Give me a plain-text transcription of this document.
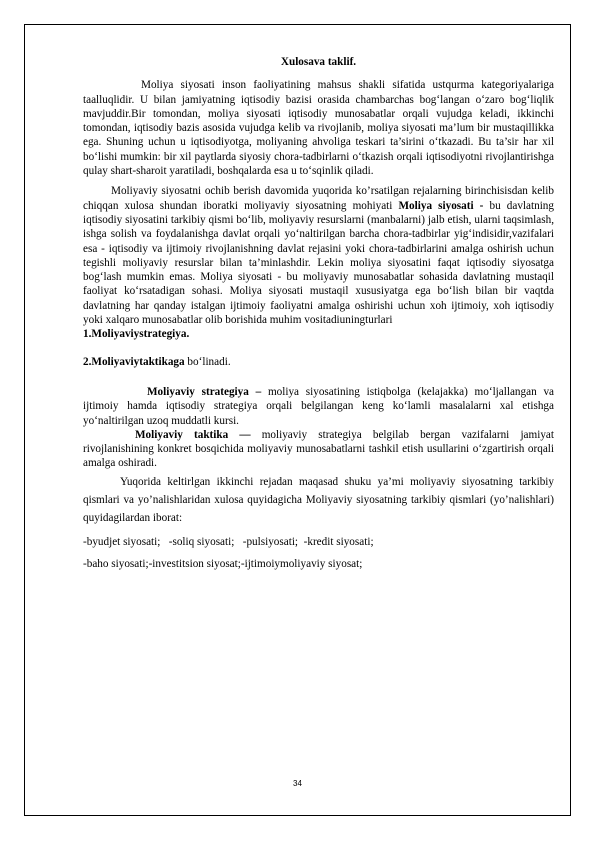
Xulosava taklif.

Moliya siyosati inson faoliyatining mahsus shakli sifatida ustqurma kategoriyalariga taalluqlidir. U bilan jamiyatning iqtisodiy bazisi orasida chambarchas bog‘langan o‘zaro bog‘liqlik mavjuddir.Bir tomondan, moliya siyosati iqtisodiy munosabatlar orqali vujudga keladi, ikkinchi tomondan, iqtisodiy bazis asosida vujudga kelib va rivojlanib, moliya siyosati ma’lum bir mustaqillikka ega. Shuning uchun u iqtisodiyotga, moliyaning ahvoliga teskari ta’sirini o‘tkazadi. Bu ta’sir har xil bo‘lishi mumkin: bir xil paytlarda siyosiy chora-tadbirlarni o‘tkazish orqali iqtisodiyotni rivojlantirishga qulay shart-sharoit yaratiladi, boshqalarda esa u to‘sqinlik qiladi.

Moliyaviy siyosatni ochib berish davomida yuqorida ko’rsatilgan rejalarning birinchisisdan kelib chiqqan xulosa shundan iboratki moliyaviy siyosatning mohiyati Moliya siyosati - bu davlatning iqtisodiy siyosatini tarkibiy qismi bo‘lib, moliyaviy resurslarni (manbalarni) jalb etish, ularni taqsimlash, ishga solish va foydalanishga davlat orqali yo‘naltirilgan barcha chora-tadbirlar yig‘indisidir,vazifalari esa - iqtisodiy va ijtimoiy rivojlanishning davlat rejasini yoki chora-tadbirlarini amalga oshirish uchun tegishli moliyaviy resurslar bilan ta’minlashdir. Lekin moliya siyosatini faqat iqtisodiy siyosatga bog‘lash mumkin emas. Moliya siyosati - bu moliyaviy munosabatlar sohasida davlatning mustaqil faoliyat ko‘rsatadigan sohasi. Moliya siyosati mustaqil xususiyatga ega bo‘lish bilan bir vaqtda davlatning har qanday istalgan ijtimoiy faoliyatni amalga oshirishi uchun xoh ijtimoiy, xoh iqtisodiy yoki xalqaro munosabatlar olib borishida muhim vositadiuningturlari

1.Moliyaviystrategiya.

2.Moliyaviytaktikaga bo‘linadi.

Moliyaviy strategiya – moliya siyosatining istiqbolga (kelajakka) mo‘ljallangan va ijtimoiy hamda iqtisodiy strategiya orqali belgilangan keng ko‘lamli masalalarni xal etishga yo‘naltirilgan uzoq muddatli kursi.

Moliyaviy taktika — moliyaviy strategiya belgilab bergan vazifalarni jamiyat rivojlanishining konkret bosqichida moliyaviy munosabatlarni tashkil etish usullarini o‘zgartirish orqali amalga oshiradi.

Yuqorida keltirlgan ikkinchi rejadan maqasad shuku ya’mi moliyaviy siyosatning tarkibiy qismlari va yo’nalishlaridan xulosa quyidagicha Moliyaviy siyosatning tarkibiy qismlari (yo’nalishlari) quyidagilardan iborat:

-byudjet siyosati;   -soliq siyosati;   -pulsiyosati;  -kredit siyosati;

-baho siyosati;-investitsion siyosat;-ijtimoiymoliyaviy siyosat;

34
